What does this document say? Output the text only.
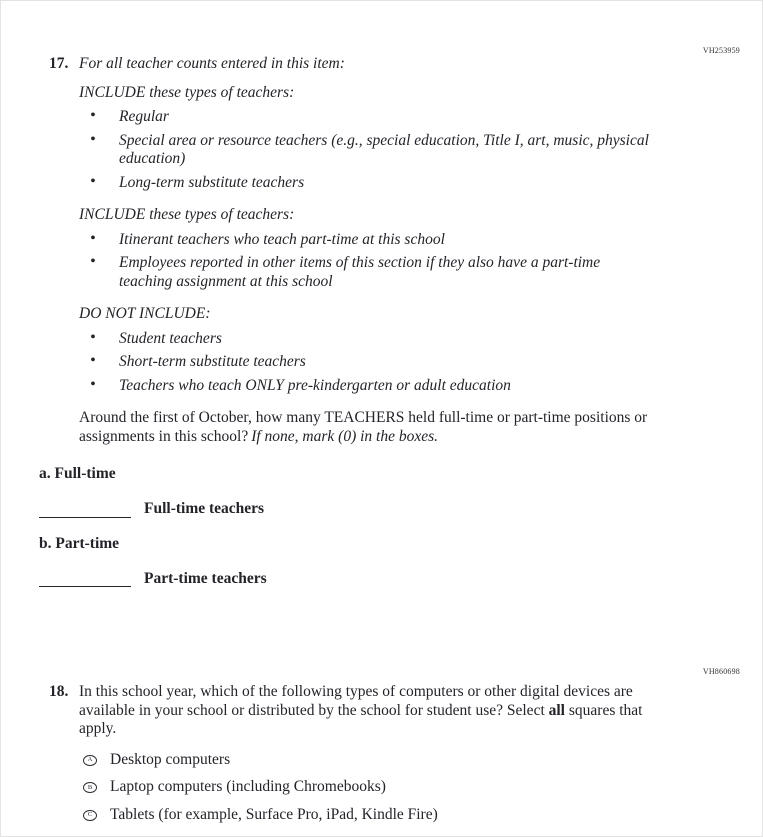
VH253959
17. For all teacher counts entered in this item:

INCLUDE these types of teachers:

• Regular
• Special area or resource teachers (e.g., special education, Title I, art, music, physical education)
• Long-term substitute teachers

INCLUDE these types of teachers:

• Itinerant teachers who teach part-time at this school
• Employees reported in other items of this section if they also have a part-time teaching assignment at this school

DO NOT INCLUDE:

• Student teachers
• Short-term substitute teachers
• Teachers who teach ONLY pre-kindergarten or adult education

Around the first of October, how many TEACHERS held full-time or part-time positions or assignments in this school? If none, mark (0) in the boxes.

a. Full-time

Full-time teachers

b. Part-time

Part-time teachers
VH860698
18. In this school year, which of the following types of computers or other digital devices are available in your school or distributed by the school for student use? Select all squares that apply.

A	Desktop computers
B	Laptop computers (including Chromebooks)
C	Tablets (for example, Surface Pro, iPad, Kindle Fire)
